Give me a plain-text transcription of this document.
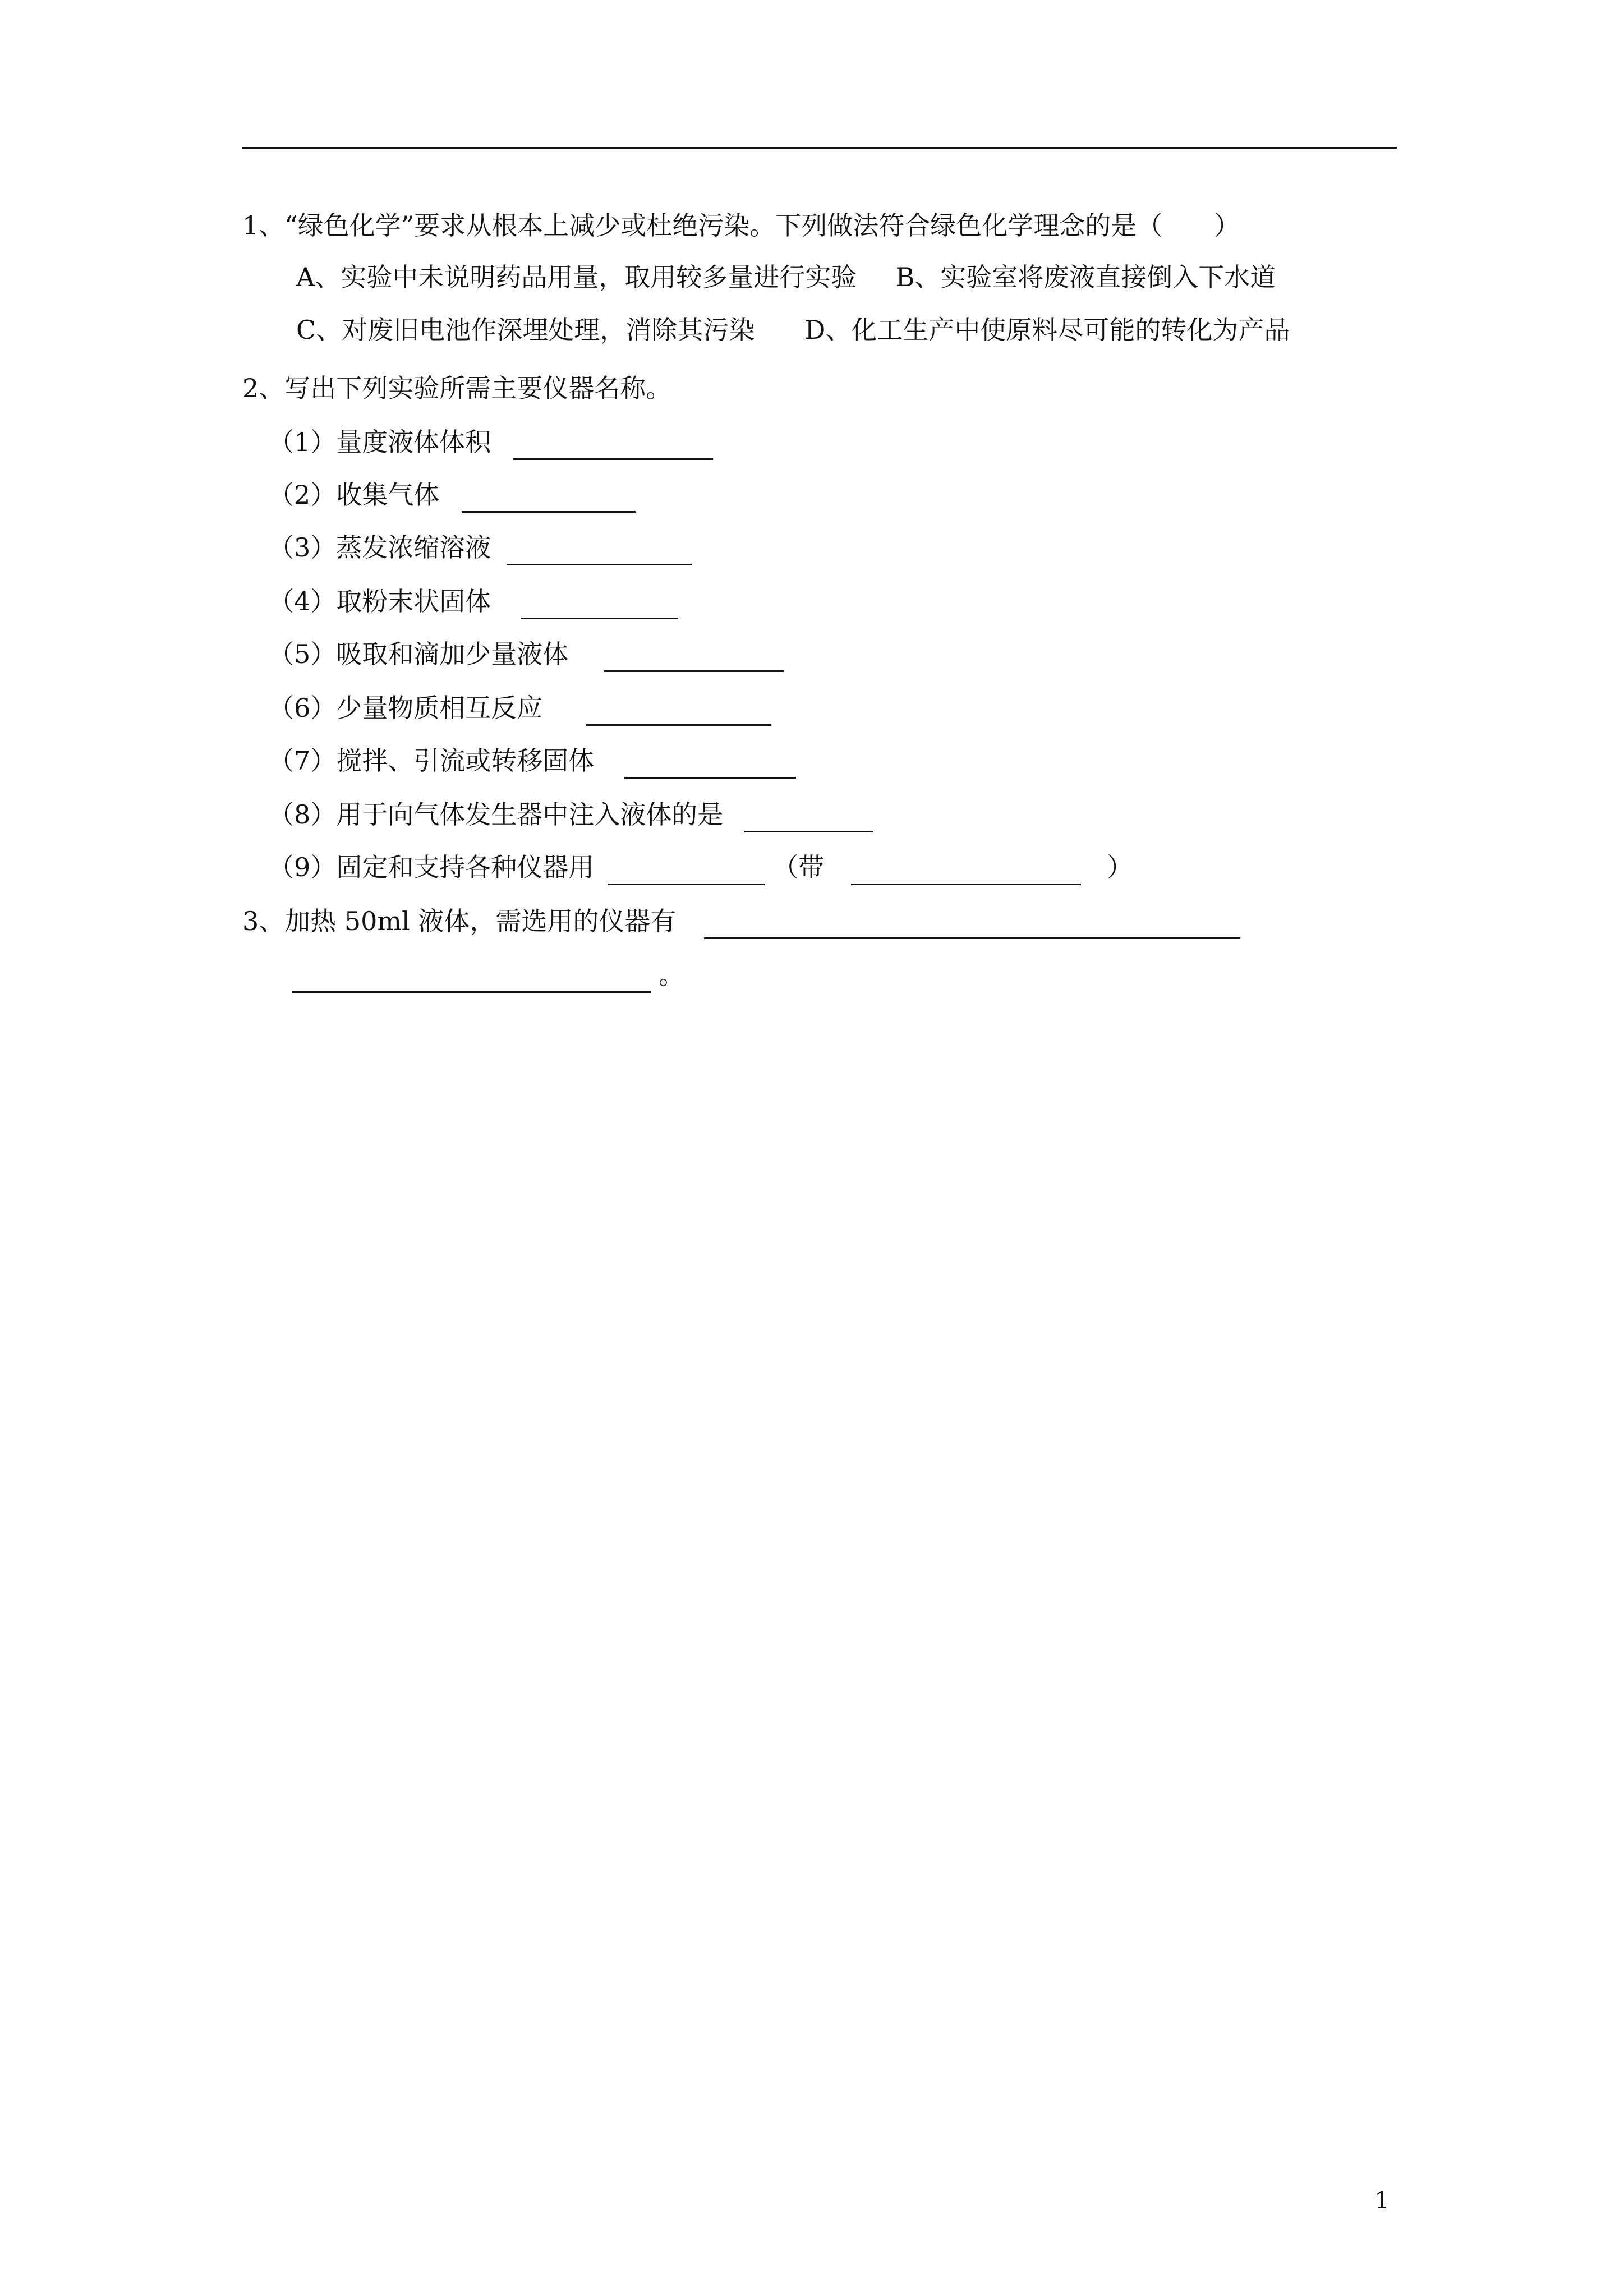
1、“绿色化学”要求从根本上减少或杜绝污染。下列做法符合绿色化学理念的是（　　）
A、实验中未说明药品用量，取用较多量进行实验 B、实验室将废液直接倒入下水道
C、对废旧电池作深埋处理，消除其污染 D、化工生产中使原料尽可能的转化为产品
2、写出下列实验所需主要仪器名称。
（1）量度液体体积
（2）收集气体
（3）蒸发浓缩溶液
（4）取粉末状固体
（5）吸取和滴加少量液体
（6）少量物质相互反应
（7）搅拌、引流或转移固体
（8）用于向气体发生器中注入液体的是
（9）固定和支持各种仪器用	（带	）
3、加热 50ml 液体，需选用的仪器有
。
1
